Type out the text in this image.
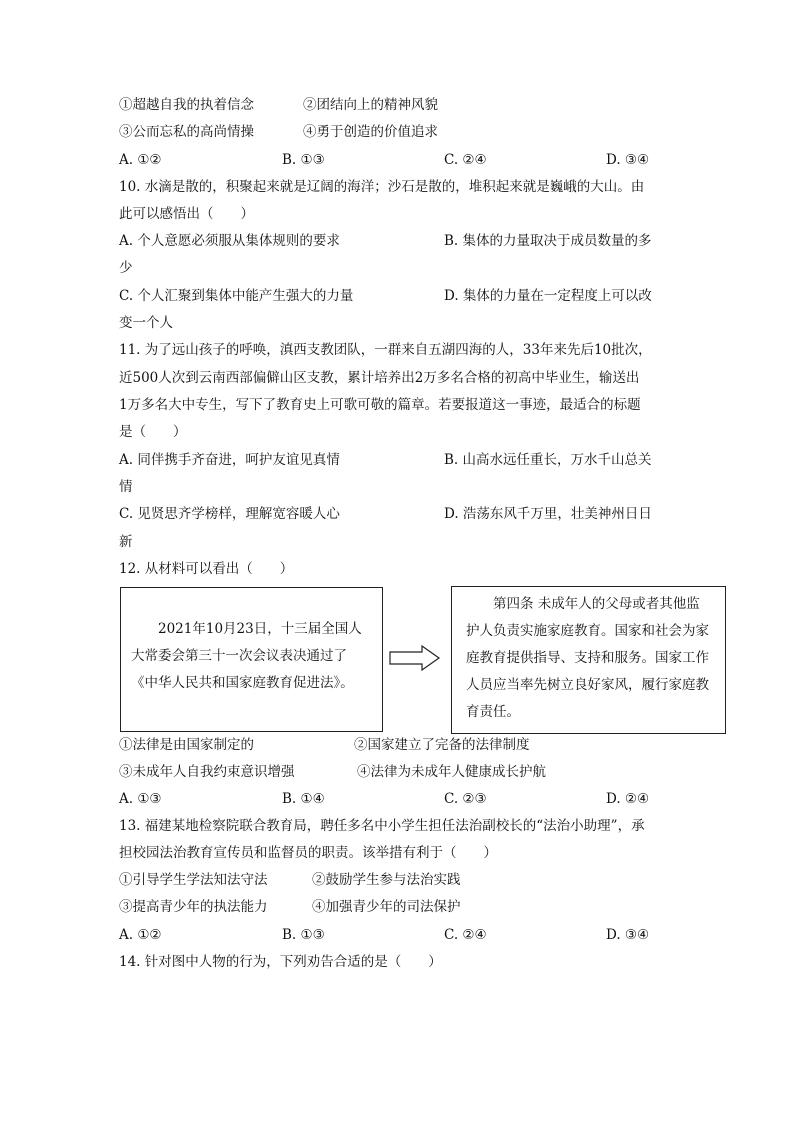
①超越自我的执着信念	②团结向上的精神风貌
③公而忘私的高尚情操	④勇于创造的价值追求
A. ①②	B. ①③	C. ②④	D. ③④
10. 水滴是散的，积聚起来就是辽阔的海洋；沙石是散的，堆积起来就是巍峨的大山。由
此可以感悟出（　　）
A. 个人意愿必须服从集体规则的要求	B. 集体的力量取决于成员数量的多
少
C. 个人汇聚到集体中能产生强大的力量	D. 集体的力量在一定程度上可以改
变一个人
11. 为了远山孩子的呼唤，滇西支教团队，一群来自五湖四海的人，33年来先后10批次，
近500人次到云南西部偏僻山区支教，累计培养出2万多名合格的初高中毕业生，输送出
1万多名大中专生，写下了教育史上可歌可敬的篇章。若要报道这一事迹，最适合的标题
是（　　）
A. 同伴携手齐奋进，呵护友谊见真情	B. 山高水远任重长，万水千山总关
情
C. 见贤思齐学榜样，理解宽容暖人心	D. 浩荡东风千万里，壮美神州日日
新
12. 从材料可以看出（　　）
　　2021年10月23日，十三届全国人大常委会第三十一次会议表决通过了《中华人民共和国家庭教育促进法》。
　　第四条 未成年人的父母或者其他监护人负责实施家庭教育。国家和社会为家庭教育提供指导、支持和服务。国家工作人员应当率先树立良好家风，履行家庭教育责任。
①法律是由国家制定的	②国家建立了完备的法律制度
③未成年人自我约束意识增强	④法律为未成年人健康成长护航
A. ①③	B. ①④	C. ②③	D. ②④
13. 福建某地检察院联合教育局，聘任多名中小学生担任法治副校长的“法治小助理”，承
担校园法治教育宣传员和监督员的职责。该举措有利于（　　）
①引导学生学法知法守法	②鼓励学生参与法治实践
③提高青少年的执法能力	④加强青少年的司法保护
A. ①②	B. ①③	C. ②④	D. ③④
14. 针对图中人物的行为，下列劝告合适的是（　　）
